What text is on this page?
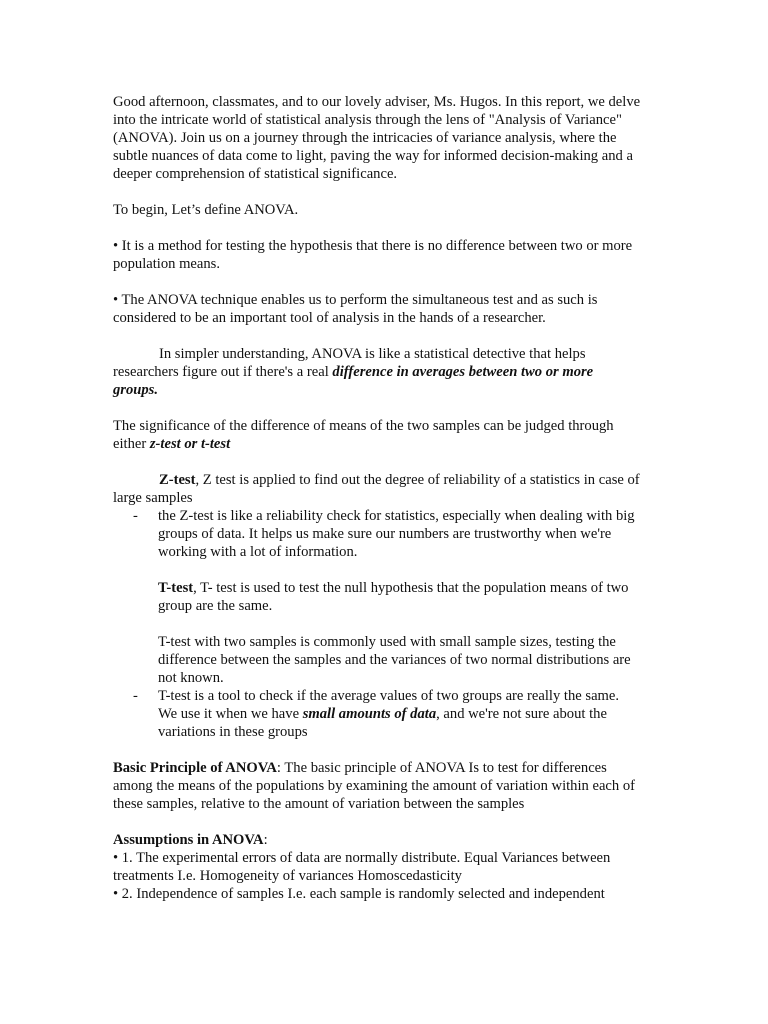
Good afternoon, classmates, and to our lovely adviser, Ms. Hugos. In this report, we delve into the intricate world of statistical analysis through the lens of "Analysis of Variance" (ANOVA). Join us on a journey through the intricacies of variance analysis, where the subtle nuances of data come to light, paving the way for informed decision-making and a deeper comprehension of statistical significance.

To begin, Let’s define ANOVA.

• It is a method for testing the hypothesis that there is no difference between two or more population means.

• The ANOVA technique enables us to perform the simultaneous test and as such is considered to be an important tool of analysis in the hands of a researcher.

In simpler understanding, ANOVA is like a statistical detective that helps researchers figure out if there's a real difference in averages between two or more groups.

The significance of the difference of means of the two samples can be judged through either z-test or t-test

Z-test, Z test is applied to find out the degree of reliability of a statistics in case of large samples

- the Z-test is like a reliability check for statistics, especially when dealing with big groups of data. It helps us make sure our numbers are trustworthy when we're working with a lot of information.

T-test, T- test is used to test the null hypothesis that the population means of two group are the same.

T-test with two samples is commonly used with small sample sizes, testing the difference between the samples and the variances of two normal distributions are not known.

- T-test is a tool to check if the average values of two groups are really the same. We use it when we have small amounts of data, and we're not sure about the variations in these groups

Basic Principle of ANOVA: The basic principle of ANOVA Is to test for differences among the means of the populations by examining the amount of variation within each of these samples, relative to the amount of variation between the samples

Assumptions in ANOVA:

• 1. The experimental errors of data are normally distribute. Equal Variances between treatments I.e. Homogeneity of variances Homoscedasticity

• 2. Independence of samples I.e. each sample is randomly selected and independent
